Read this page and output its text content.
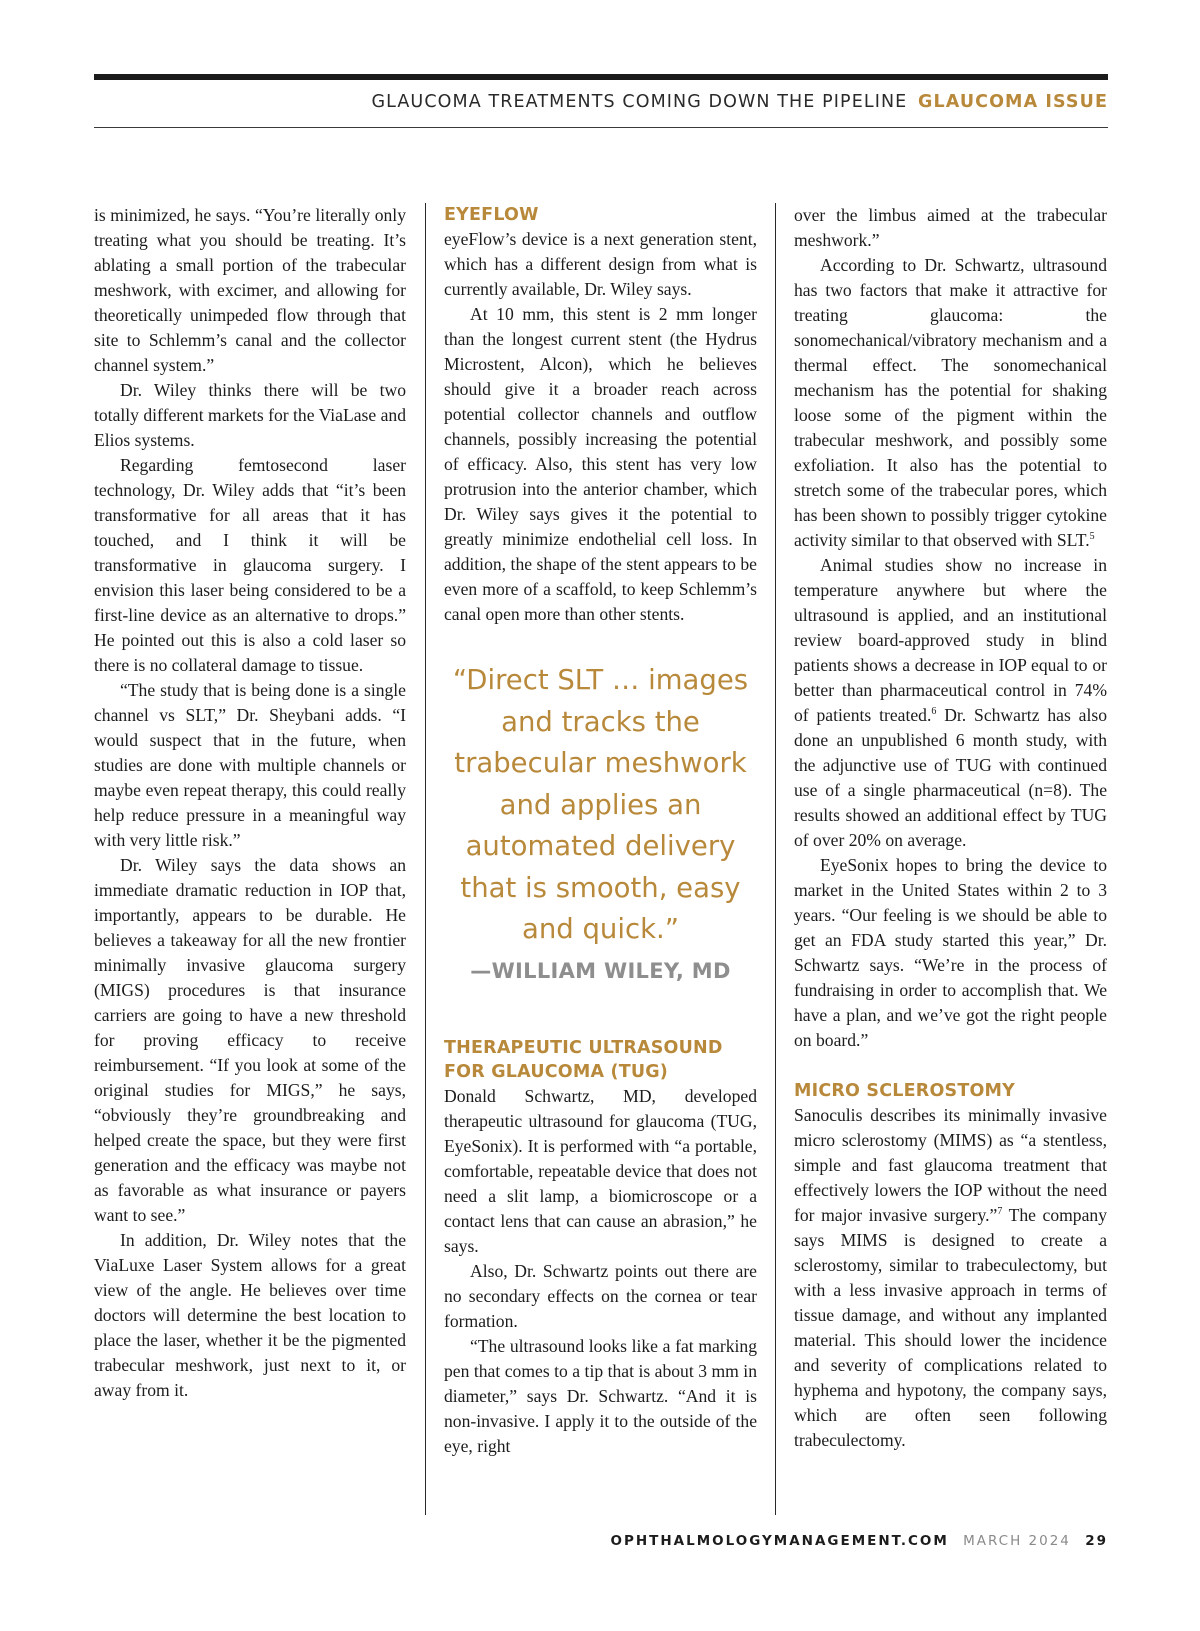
GLAUCOMA TREATMENTS COMING DOWN THE PIPELINE GLAUCOMA ISSUE

is minimized, he says. “You’re literally only treating what you should be treating. It’s ablating a small portion of the trabecular meshwork, with excimer, and allowing for theoretically unimpeded flow through that site to Schlemm’s canal and the collector channel system.”

Dr. Wiley thinks there will be two totally different markets for the ViaLase and Elios systems.

Regarding femtosecond laser technology, Dr. Wiley adds that “it’s been transformative for all areas that it has touched, and I think it will be transformative in glaucoma surgery. I envision this laser being considered to be a first-line device as an alternative to drops.” He pointed out this is also a cold laser so there is no collateral damage to tissue.

“The study that is being done is a single channel vs SLT,” Dr. Sheybani adds. “I would suspect that in the future, when studies are done with multiple channels or maybe even repeat therapy, this could really help reduce pressure in a meaningful way with very little risk.”

Dr. Wiley says the data shows an immediate dramatic reduction in IOP that, importantly, appears to be durable. He believes a takeaway for all the new frontier minimally invasive glaucoma surgery (MIGS) procedures is that insurance carriers are going to have a new threshold for proving efficacy to receive reimbursement. “If you look at some of the original studies for MIGS,” he says, “obviously they’re groundbreaking and helped create the space, but they were first generation and the efficacy was maybe not as favorable as what insurance or payers want to see.”

In addition, Dr. Wiley notes that the ViaLuxe Laser System allows for a great view of the angle. He believes over time doctors will determine the best location to place the laser, whether it be the pigmented trabecular meshwork, just next to it, or away from it.

EYEFLOW

eyeFlow’s device is a next generation stent, which has a different design from what is currently available, Dr. Wiley says.

At 10 mm, this stent is 2 mm longer than the longest current stent (the Hydrus Microstent, Alcon), which he believes should give it a broader reach across potential collector channels and outflow channels, possibly increasing the potential of efficacy. Also, this stent has very low protrusion into the anterior chamber, which Dr. Wiley says gives it the potential to greatly minimize endothelial cell loss. In addition, the shape of the stent appears to be even more of a scaffold, to keep Schlemm’s canal open more than other stents.

“Direct SLT … images and tracks the trabecular meshwork and applies an automated delivery that is smooth, easy and quick.”
—WILLIAM WILEY, MD
THERAPEUTIC ULTRASOUND FOR GLAUCOMA (TUG)

Donald Schwartz, MD, developed therapeutic ultrasound for glaucoma (TUG, EyeSonix). It is performed with “a portable, comfortable, repeatable device that does not need a slit lamp, a biomicroscope or a contact lens that can cause an abrasion,” he says.

Also, Dr. Schwartz points out there are no secondary effects on the cornea or tear formation.

“The ultrasound looks like a fat marking pen that comes to a tip that is about 3 mm in diameter,” says Dr. Schwartz. “And it is non-invasive. I apply it to the outside of the eye, right

over the limbus aimed at the trabecular meshwork.”

According to Dr. Schwartz, ultrasound has two factors that make it attractive for treating glaucoma: the sonomechanical/vibratory mechanism and a thermal effect. The sonomechanical mechanism has the potential for shaking loose some of the pigment within the trabecular meshwork, and possibly some exfoliation. It also has the potential to stretch some of the trabecular pores, which has been shown to possibly trigger cytokine activity similar to that observed with SLT.$^5$

Animal studies show no increase in temperature anywhere but where the ultrasound is applied, and an institutional review board-approved study in blind patients shows a decrease in IOP equal to or better than pharmaceutical control in 74% of patients treated.$^6$ Dr. Schwartz has also done an unpublished 6 month study, with the adjunctive use of TUG with continued use of a single pharmaceutical (n=8). The results showed an additional effect by TUG of over 20% on average.

EyeSonix hopes to bring the device to market in the United States within 2 to 3 years. “Our feeling is we should be able to get an FDA study started this year,” Dr. Schwartz says. “We’re in the process of fundraising in order to accomplish that. We have a plan, and we’ve got the right people on board.”

MICRO SCLEROSTOMY

Sanoculis describes its minimally invasive micro sclerostomy (MIMS) as “a stentless, simple and fast glaucoma treatment that effectively lowers the IOP without the need for major invasive surgery.”$^7$ The company says MIMS is designed to create a sclerostomy, similar to trabeculectomy, but with a less invasive approach in terms of tissue damage, and without any implanted material. This should lower the incidence and severity of complications related to hyphema and hypotony, the company says, which are often seen following trabeculectomy.

OPHTHALMOLOGYMANAGEMENT.COM MARCH 2024 29
